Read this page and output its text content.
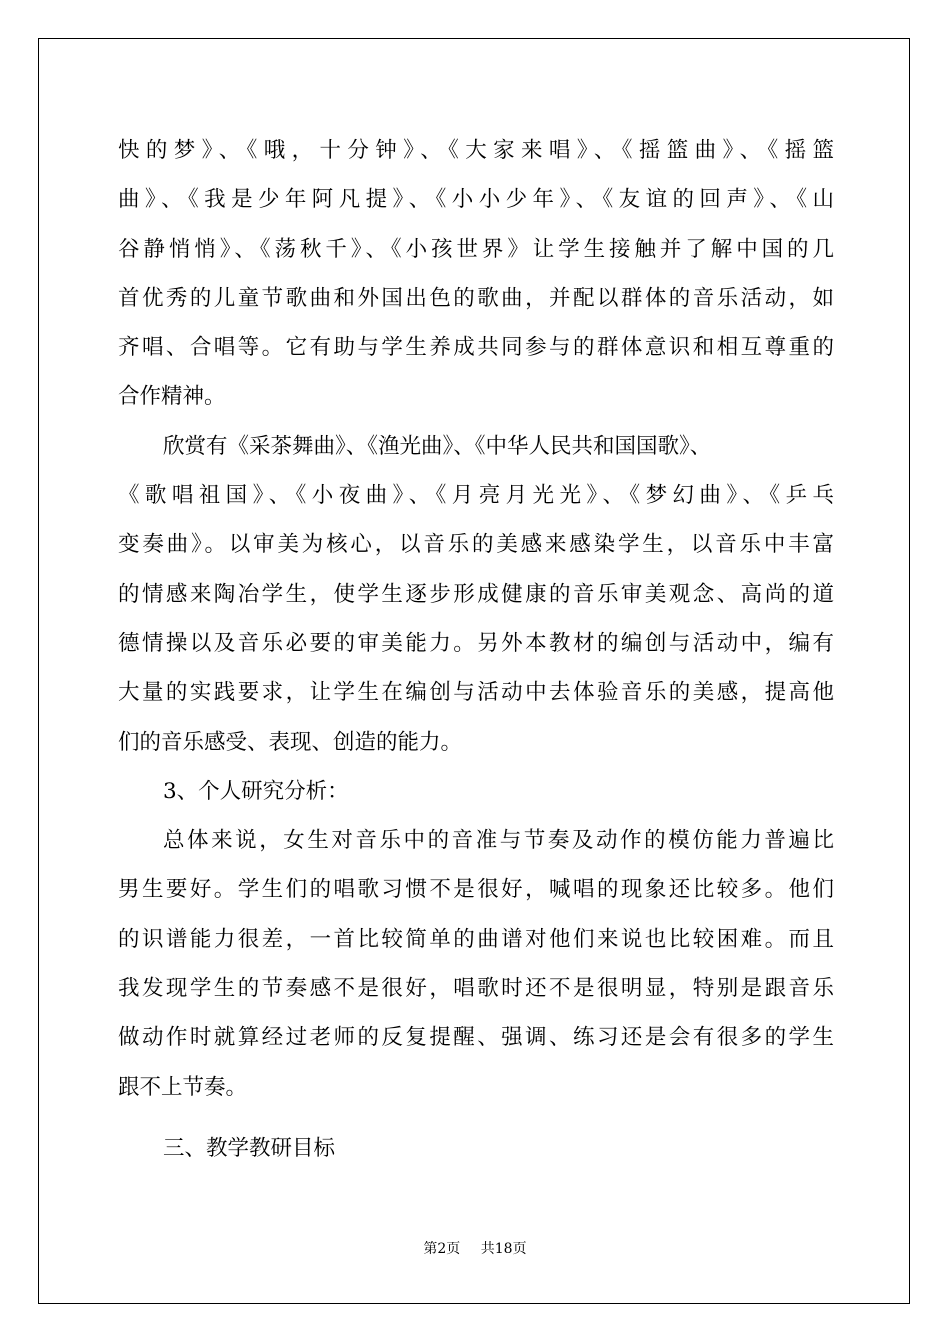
快的梦》、《哦，十分钟》、《大家来唱》、《摇篮曲》、《摇篮
曲》、《我是少年阿凡提》、《小小少年》、《友谊的回声》、《山
谷静悄悄》、《荡秋千》、《小孩世界》让学生接触并了解中国的几
首优秀的儿童节歌曲和外国出色的歌曲，并配以群体的音乐活动，如
齐唱、合唱等。它有助与学生养成共同参与的群体意识和相互尊重的
合作精神。
欣赏有《采茶舞曲》、《渔光曲》、《中华人民共和国国歌》、
《歌唱祖国》、《小夜曲》、《月亮月光光》、《梦幻曲》、《乒乓
变奏曲》。以审美为核心，以音乐的美感来感染学生，以音乐中丰富
的情感来陶冶学生，使学生逐步形成健康的音乐审美观念、高尚的道
德情操以及音乐必要的审美能力。另外本教材的编创与活动中，编有
大量的实践要求，让学生在编创与活动中去体验音乐的美感，提高他
们的音乐感受、表现、创造的能力。
3、个人研究分析：
总体来说，女生对音乐中的音准与节奏及动作的模仿能力普遍比
男生要好。学生们的唱歌习惯不是很好，喊唱的现象还比较多。他们
的识谱能力很差，一首比较简单的曲谱对他们来说也比较困难。而且
我发现学生的节奏感不是很好，唱歌时还不是很明显，特别是跟音乐
做动作时就算经过老师的反复提醒、强调、练习还是会有很多的学生
跟不上节奏。
三、教学教研目标
第2页 共18页
